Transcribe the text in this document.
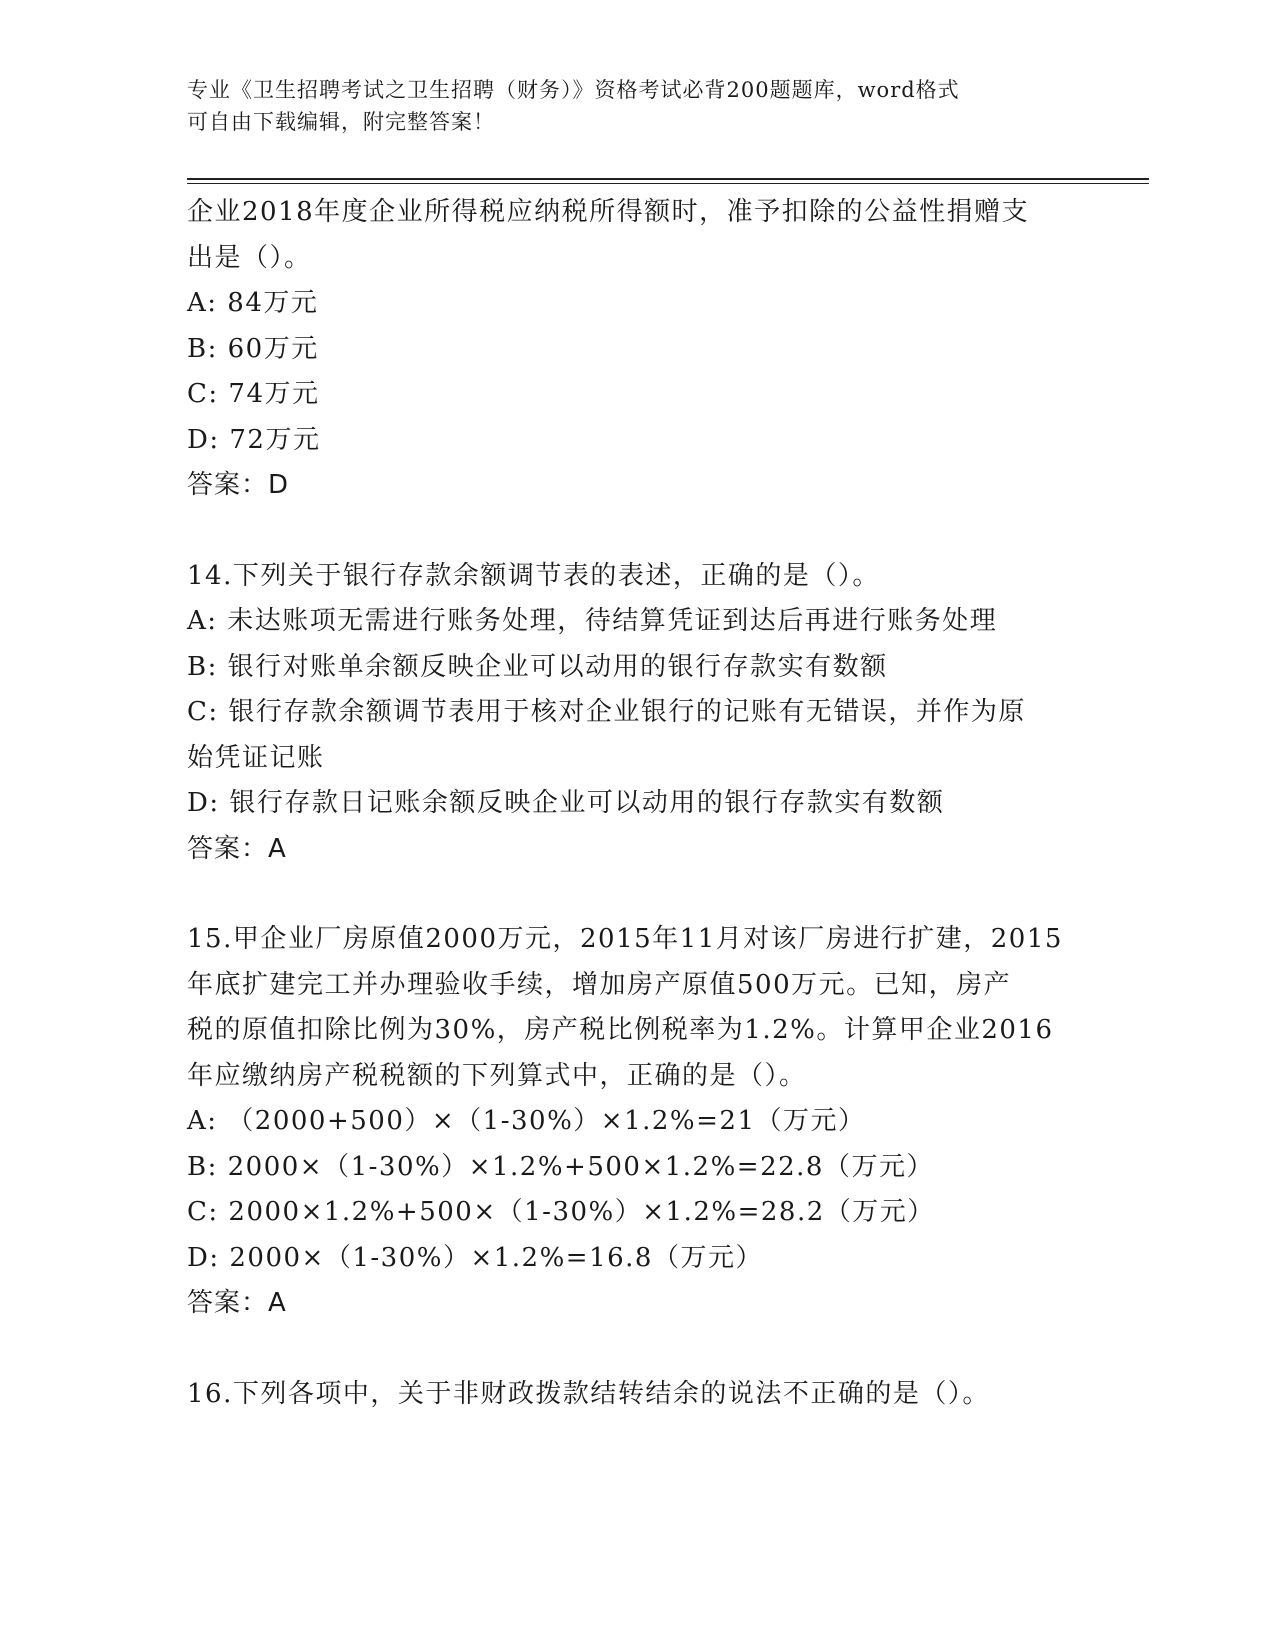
专业《卫生招聘考试之卫生招聘（财务）》资格考试必背200题题库，word格式
可自由下载编辑，附完整答案！

企业2018年度企业所得税应纳税所得额时，准予扣除的公益性捐赠支

出是（）。

A: 84万元

B: 60万元

C: 74万元

D: 72万元

答案：D

14.下列关于银行存款余额调节表的表述，正确的是（）。

A: 未达账项无需进行账务处理，待结算凭证到达后再进行账务处理

B: 银行对账单余额反映企业可以动用的银行存款实有数额

C: 银行存款余额调节表用于核对企业银行的记账有无错误，并作为原

始凭证记账

D: 银行存款日记账余额反映企业可以动用的银行存款实有数额

答案：A

15.甲企业厂房原值2000万元，2015年11月对该厂房进行扩建，2015

年底扩建完工并办理验收手续，增加房产原值500万元。已知，房产

税的原值扣除比例为30%，房产税比例税率为1.2%。计算甲企业2016

年应缴纳房产税税额的下列算式中，正确的是（）。

A: （2000+500）×（1-30%）×1.2%=21（万元）

B: 2000×（1-30%）×1.2%+500×1.2%=22.8（万元）

C: 2000×1.2%+500×（1-30%）×1.2%=28.2（万元）

D: 2000×（1-30%）×1.2%=16.8（万元）

答案：A

16.下列各项中，关于非财政拨款结转结余的说法不正确的是（）。
